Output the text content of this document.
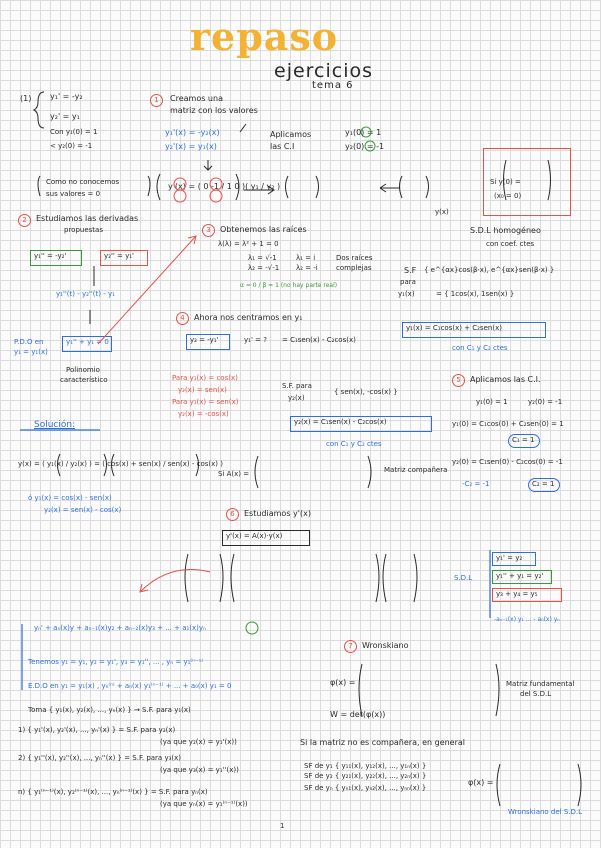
repaso
ejercicios
tema 6
(1) y₁' = -y₂
y₂' = y₁
Con y₁(0) = 1
< y₂(0) = -1
1	Creamos una
matriz con los valores
y₁'(x) = -y₂(x)
y₂'(x) = y₁(x)
Aplicamos
las C.I
y₁(0) = 1
y₂(0) = -1
Como no conocemos
sus valores = 0
y'(x) = ( 0 -1 / 1 0 )( y₁ / y₂ )
y(x)
Si y(0) =
(x₀ = 0)
2	Estudiamos las derivadas
propuestas
y₁'' = -y₂'	y₂'' = y₁'
y₁''(t) - y₂''(t) - y₁
P.D.O en
y₁ = y₁(x)
y₁'' + y₁ = 0
Polinomio
característico
3	Obtenemos las raíces
λ(λ) = λ² + 1 = 0
λ₁ = √-1
λ₂ = -√-1
λ₁ = i
λ₂ = -i
Dos raíces
complejas
α = 0 / β = 1 (no hay parte real)
S.D.L homogéneo
con coef. ctes
S.F
para
y₁(x)
{ e^{αx}cos(β·x), e^{αx}sen(β·x) }
= { 1cos(x), 1sen(x) }
y₁(x) = C₁cos(x) + C₂sen(x)
con C₁ y C₂ ctes
4	Ahora nos centramos en y₁
y₂ = -y₁'	y₁' = ? = C₁sen(x) - C₂cos(x)
Para y₁(x) = cos(x)
y₂(x) = sen(x)
Para y₁(x) = sen(x)
y₂(x) = -cos(x)
S.F. para
y₂(x)
{ sen(x), -cos(x) }
y₂(x) = C₁sen(x) - C₂cos(x)
con C₁ y C₂ ctes
5	Aplicamos las C.I.
y₁(0) = 1	y₂(0) = -1
y₁(0) = C₁cos(0) + C₂sen(0) = 1
y₂(0) = C₁sen(0) - C₂cos(0) = -1
C₁ = 1
-C₂ = -1	C₂ = 1
Solución:
y(x) = ( y₁(x) / y₂(x) ) = ( cos(x) + sen(x) / sen(x) - cos(x) )
ó y₁(x) = cos(x) - sen(x)
y₂(x) = sen(x) - cos(x)
Si A(x) =	Matriz compañera
6	Estudiamos y'(x)
y'(x) = A(x)·y(x)
S.D.L
y₁' = y₂
y₁'' + y₁ = y₂'
y₃ + y₄ = y₅
-aₙ₋₁(x) y₁ ... - a₀(x) yₙ
yₙ' + aₙ(x)y + aₙ₋₁(x)y₂ + aₙ₋₂(x)y₃ + ... + a₁(x)yₙ
Tenemos y₁ = y₁, y₂ = y₁', y₃ = y₁'', ... , yₙ = y₁⁽ⁿ⁻¹⁾
E.D.O en y₁ = y₁(x) , yₙ⁽ⁿ⁾ + aₙ(x) y₁⁽ⁿ⁻¹⁾ + ... + a₀(x) y₁ = 0
7	Wronskiano
φ(x) =	Matriz fundamental
del S.D.L
W = det(φ(x))
Toma { y₁(x), y₂(x), ..., yₙ(x) } → S.F. para y₁(x)
1) { y₁'(x), y₂'(x), ..., yₙ'(x) } = S.F. para y₂(x)
(ya que y₂(x) = y₁'(x))
2) { y₁''(x), y₂''(x), ..., yₙ''(x) } = S.F. para y₃(x)
(ya que y₃(x) = y₁''(x))
n) { y₁⁽ⁿ⁻¹⁾(x), y₂⁽ⁿ⁻¹⁾(x), ..., yₙ⁽ⁿ⁻¹⁾(x) } = S.F. para yₙ(x)
(ya que yₙ(x) = y₁⁽ⁿ⁻¹⁾(x))
Si la matriz no es compañera, en general
SF de y₁ { y₁₁(x), y₁₂(x), ..., y₁ₙ(x) }
SF de y₂ { y₂₁(x), y₂₂(x), ..., y₂ₙ(x) }
SF de yₙ { yₙ₁(x), yₙ₂(x), ..., yₙₙ(x) }
φ(x) =
Wronskiano del S.D.L
1
